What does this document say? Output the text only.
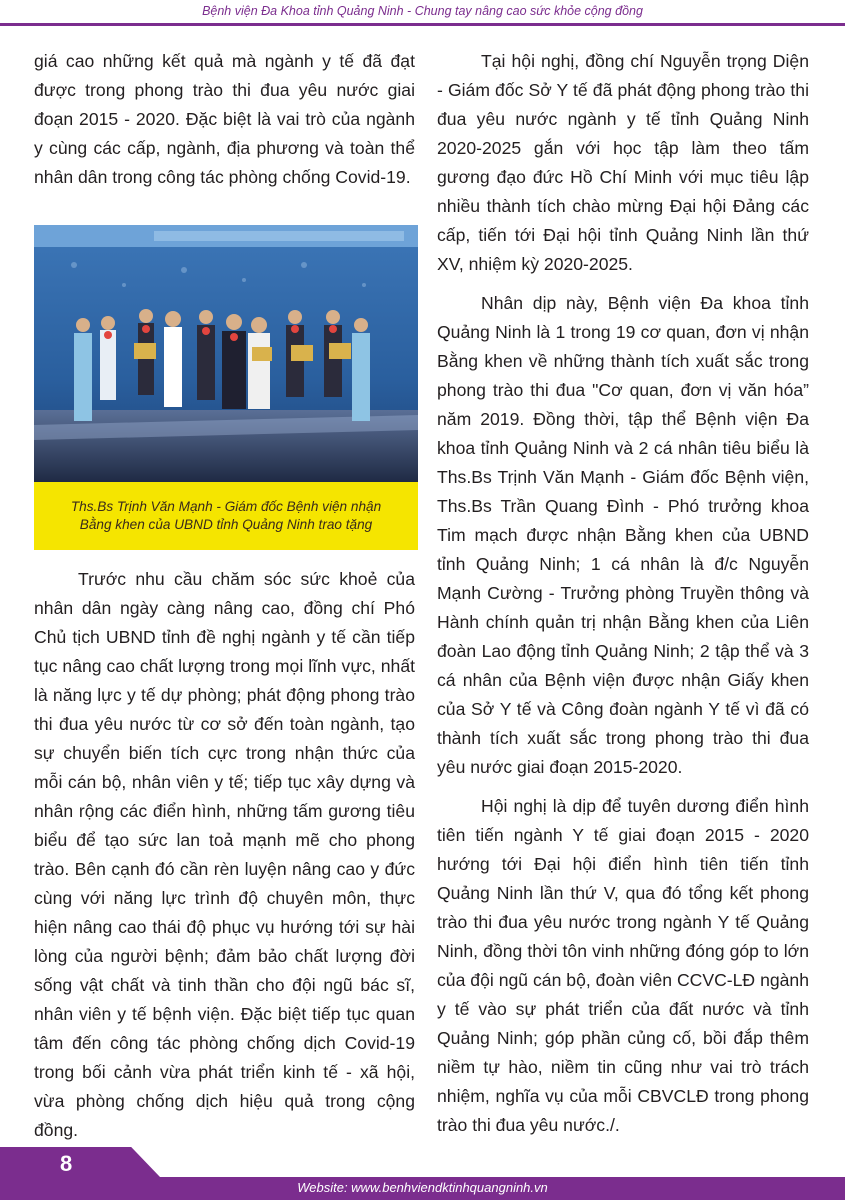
Bệnh viện Đa Khoa tỉnh Quảng Ninh - Chung tay nâng cao sức khỏe cộng đồng

giá cao những kết quả mà ngành y tế đã đạt được trong phong trào thi đua yêu nước giai đoạn 2015 - 2020. Đặc biệt là vai trò của ngành y cùng các cấp, ngành, địa phương và toàn thể nhân dân trong công tác phòng chống Covid-19.

Ths.Bs Trịnh Văn Mạnh - Giám đốc Bệnh viện nhận
Bằng khen của UBND tỉnh Quảng Ninh trao tặng

Trước nhu cầu chăm sóc sức khoẻ của nhân dân ngày càng nâng cao, đồng chí Phó Chủ tịch UBND tỉnh đề nghị ngành y tế cần tiếp tục nâng cao chất lượng trong mọi lĩnh vực, nhất là năng lực y tế dự phòng; phát động phong trào thi đua yêu nước từ cơ sở đến toàn ngành, tạo sự chuyển biến tích cực trong nhận thức của mỗi cán bộ, nhân viên y tế; tiếp tục xây dựng và nhân rộng các điển hình, những tấm gương tiêu biểu để tạo sức lan toả mạnh mẽ cho phong trào. Bên cạnh đó cần rèn luyện nâng cao y đức cùng với năng lực trình độ chuyên môn, thực hiện nâng cao thái độ phục vụ hướng tới sự hài lòng của người bệnh; đảm bảo chất lượng đời sống vật chất và tinh thần cho đội ngũ bác sĩ, nhân viên y tế bệnh viện. Đặc biệt tiếp tục quan tâm đến công tác phòng chống dịch Covid-19 trong bối cảnh vừa phát triển kinh tế - xã hội, vừa phòng chống dịch hiệu quả trong cộng đồng.

Tại hội nghị, đồng chí Nguyễn trọng Diện - Giám đốc Sở Y tế đã phát động phong trào thi đua yêu nước ngành y tế tỉnh Quảng Ninh 2020-2025 gắn với học tập làm theo tấm gương đạo đức Hồ Chí Minh với mục tiêu lập nhiều thành tích chào mừng Đại hội Đảng các cấp, tiến tới Đại hội tỉnh Quảng Ninh lần thứ XV, nhiệm kỳ 2020-2025.

Nhân dịp này, Bệnh viện Đa khoa tỉnh Quảng Ninh là 1 trong 19 cơ quan, đơn vị nhận Bằng khen về những thành tích xuất sắc trong phong trào thi đua "Cơ quan, đơn vị văn hóa” năm 2019. Đồng thời, tập thể Bệnh viện Đa khoa tỉnh Quảng Ninh và 2 cá nhân tiêu biểu là Ths.Bs Trịnh Văn Mạnh - Giám đốc Bệnh viện, Ths.Bs Trần Quang Đình - Phó trưởng khoa Tim mạch được nhận Bằng khen của UBND tỉnh Quảng Ninh; 1 cá nhân là đ/c Nguyễn Mạnh Cường - Trưởng phòng Truyền thông và Hành chính quản trị nhận Bằng khen của Liên đoàn Lao động tỉnh Quảng Ninh; 2 tập thể và 3 cá nhân của Bệnh viện được nhận Giấy khen của Sở Y tế và Công đoàn ngành Y tế vì đã có thành tích xuất sắc trong phong trào thi đua yêu nước giai đoạn 2015-2020.

Hội nghị là dịp để tuyên dương điển hình tiên tiến ngành Y tế giai đoạn 2015 - 2020 hướng tới Đại hội điển hình tiên tiến tỉnh Quảng Ninh lần thứ V, qua đó tổng kết phong trào thi đua yêu nước trong ngành Y tế Quảng Ninh, đồng thời tôn vinh những đóng góp to lớn của đội ngũ cán bộ, đoàn viên CCVC-LĐ ngành y tế vào sự phát triển của đất nước và tỉnh Quảng Ninh; góp phần củng cố, bồi đắp thêm niềm tự hào, niềm tin cũng như vai trò trách nhiệm, nghĩa vụ của mỗi CBVCLĐ trong phong trào thi đua yêu nước./.

8
Website: www.benhviendktinhquangninh.vn
